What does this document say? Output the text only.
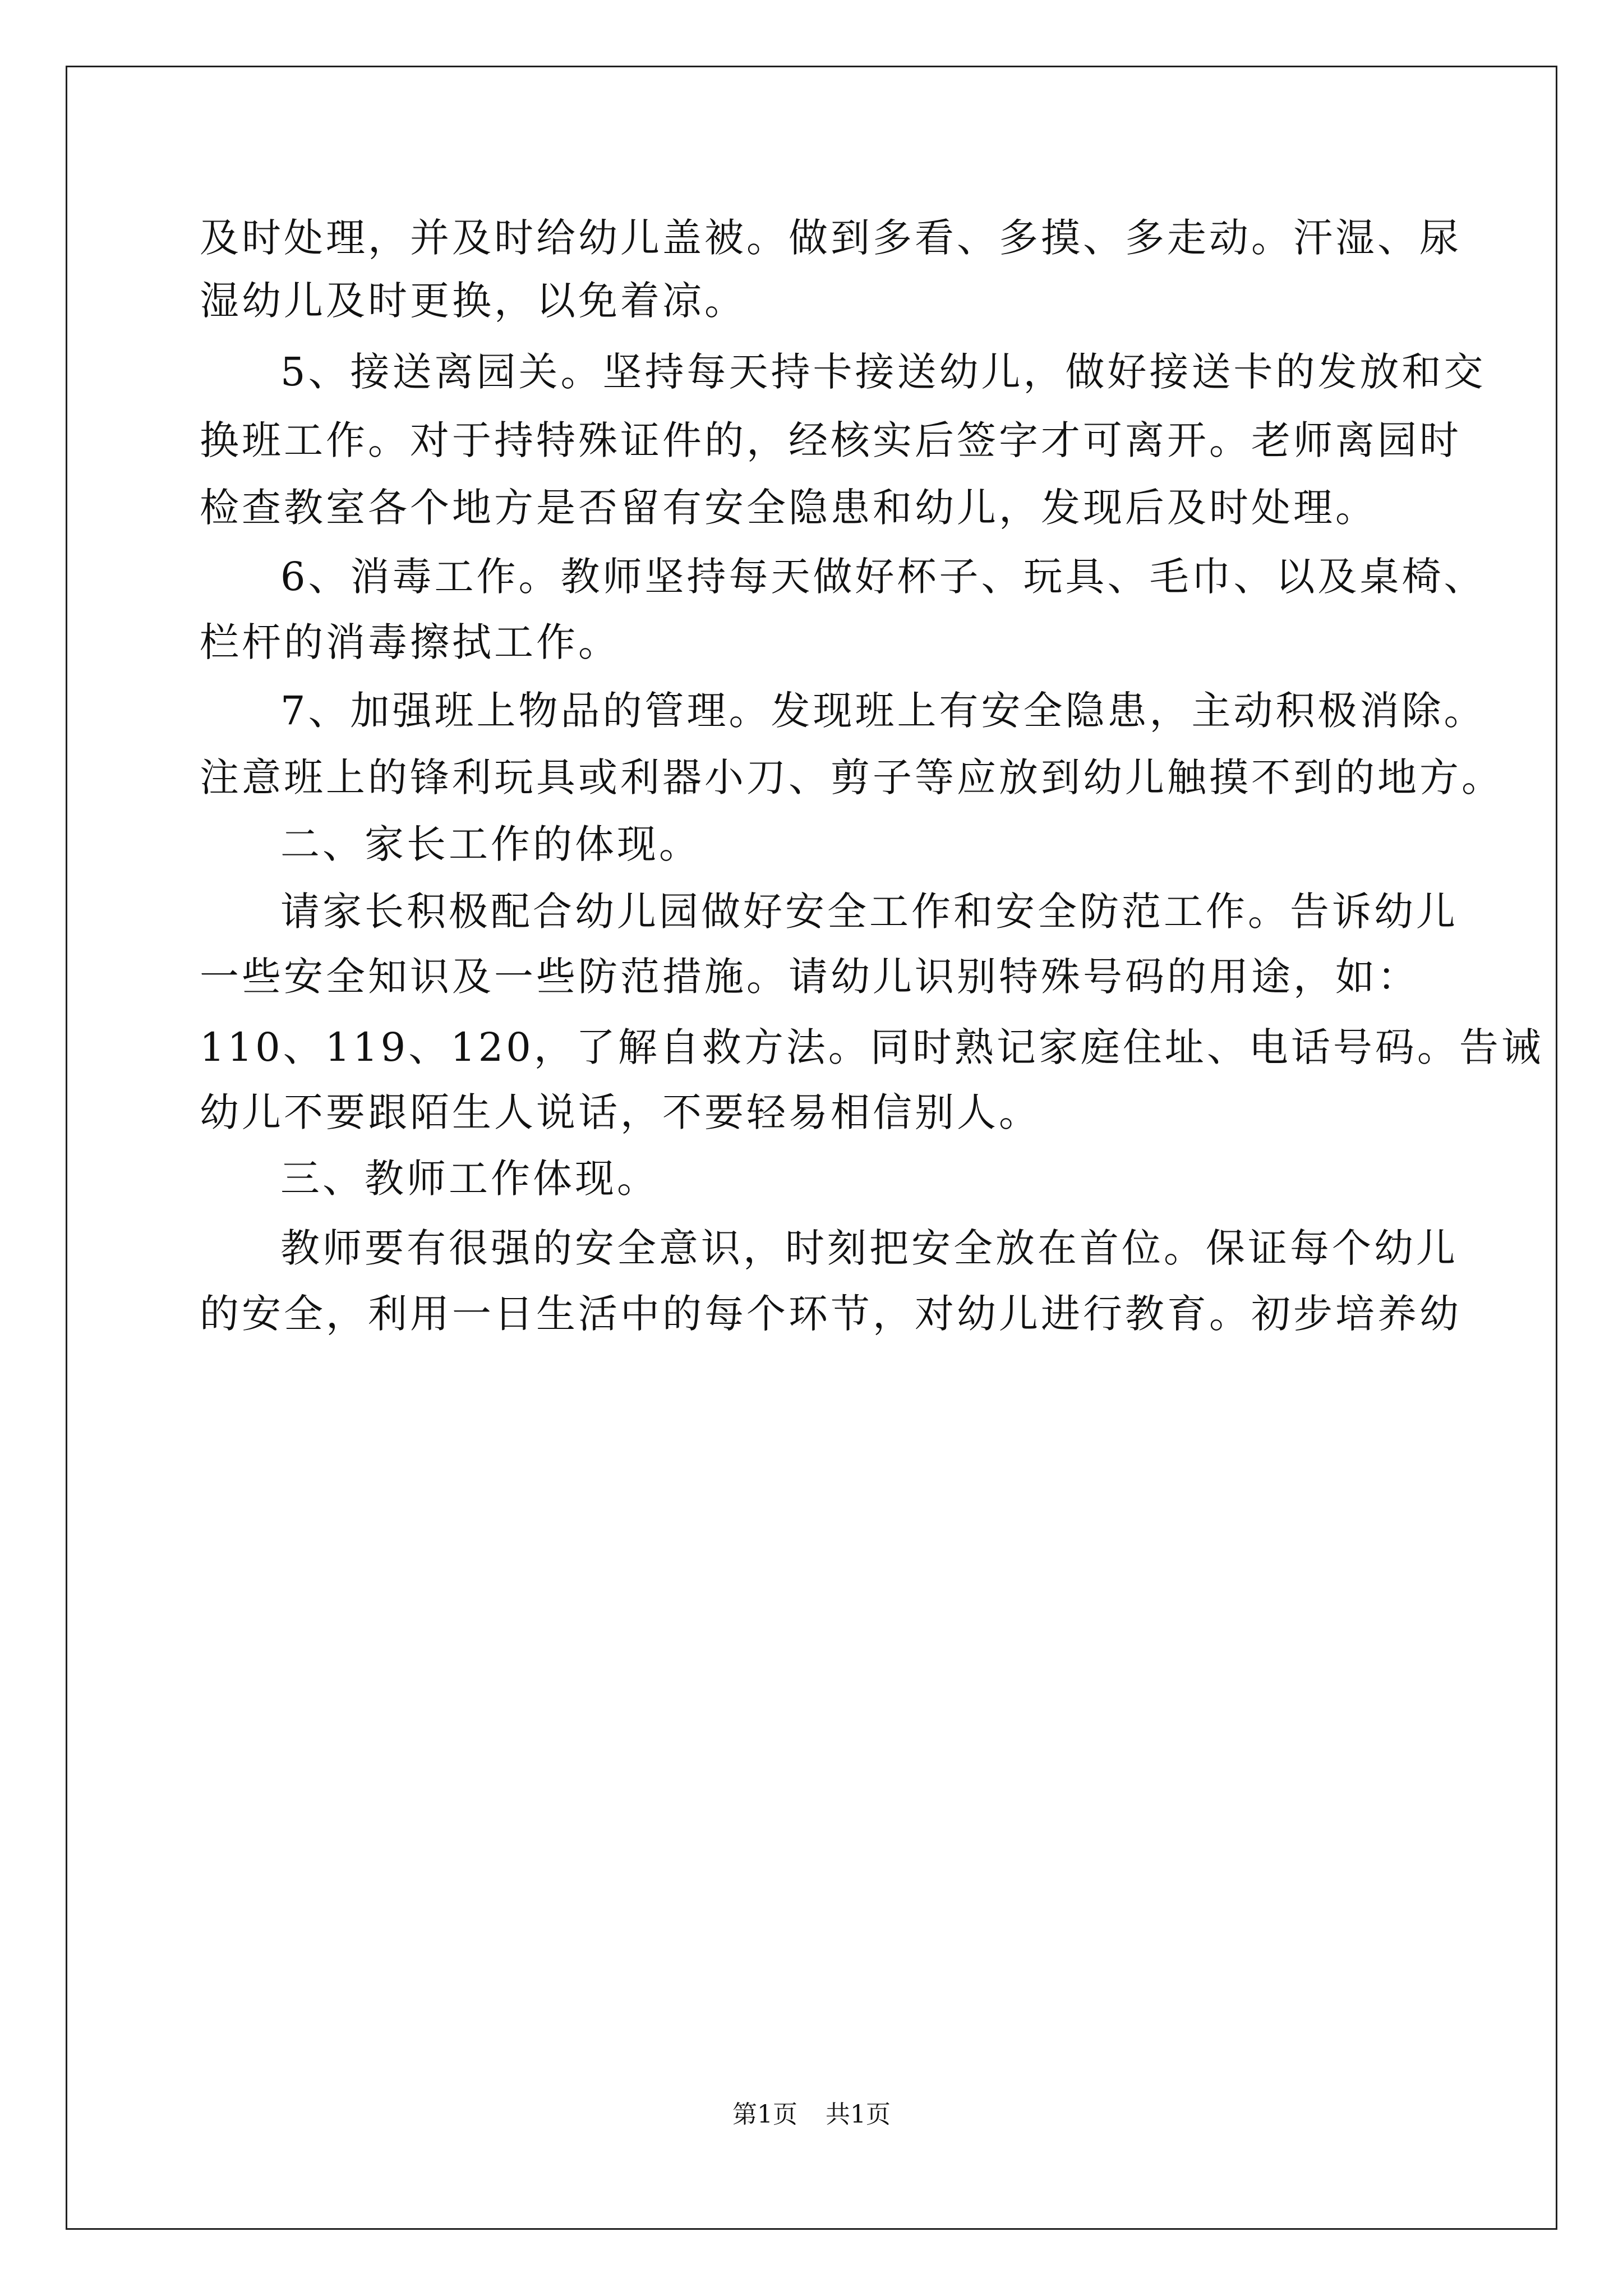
及时处理，并及时给幼儿盖被。做到多看、多摸、多走动。汗湿、尿
湿幼儿及时更换，以免着凉。
5、接送离园关。坚持每天持卡接送幼儿，做好接送卡的发放和交
换班工作。对于持特殊证件的，经核实后签字才可离开。老师离园时
检查教室各个地方是否留有安全隐患和幼儿，发现后及时处理。
6、消毒工作。教师坚持每天做好杯子、玩具、毛巾、以及桌椅、
栏杆的消毒擦拭工作。
7、加强班上物品的管理。发现班上有安全隐患，主动积极消除。
注意班上的锋利玩具或利器小刀、剪子等应放到幼儿触摸不到的地方。
二、家长工作的体现。
请家长积极配合幼儿园做好安全工作和安全防范工作。告诉幼儿
一些安全知识及一些防范措施。请幼儿识别特殊号码的用途，如：
110、119、120，了解自救方法。同时熟记家庭住址、电话号码。告诫
幼儿不要跟陌生人说话，不要轻易相信别人。
三、教师工作体现。
教师要有很强的安全意识，时刻把安全放在首位。保证每个幼儿
的安全，利用一日生活中的每个环节，对幼儿进行教育。初步培养幼
第1页 共1页
